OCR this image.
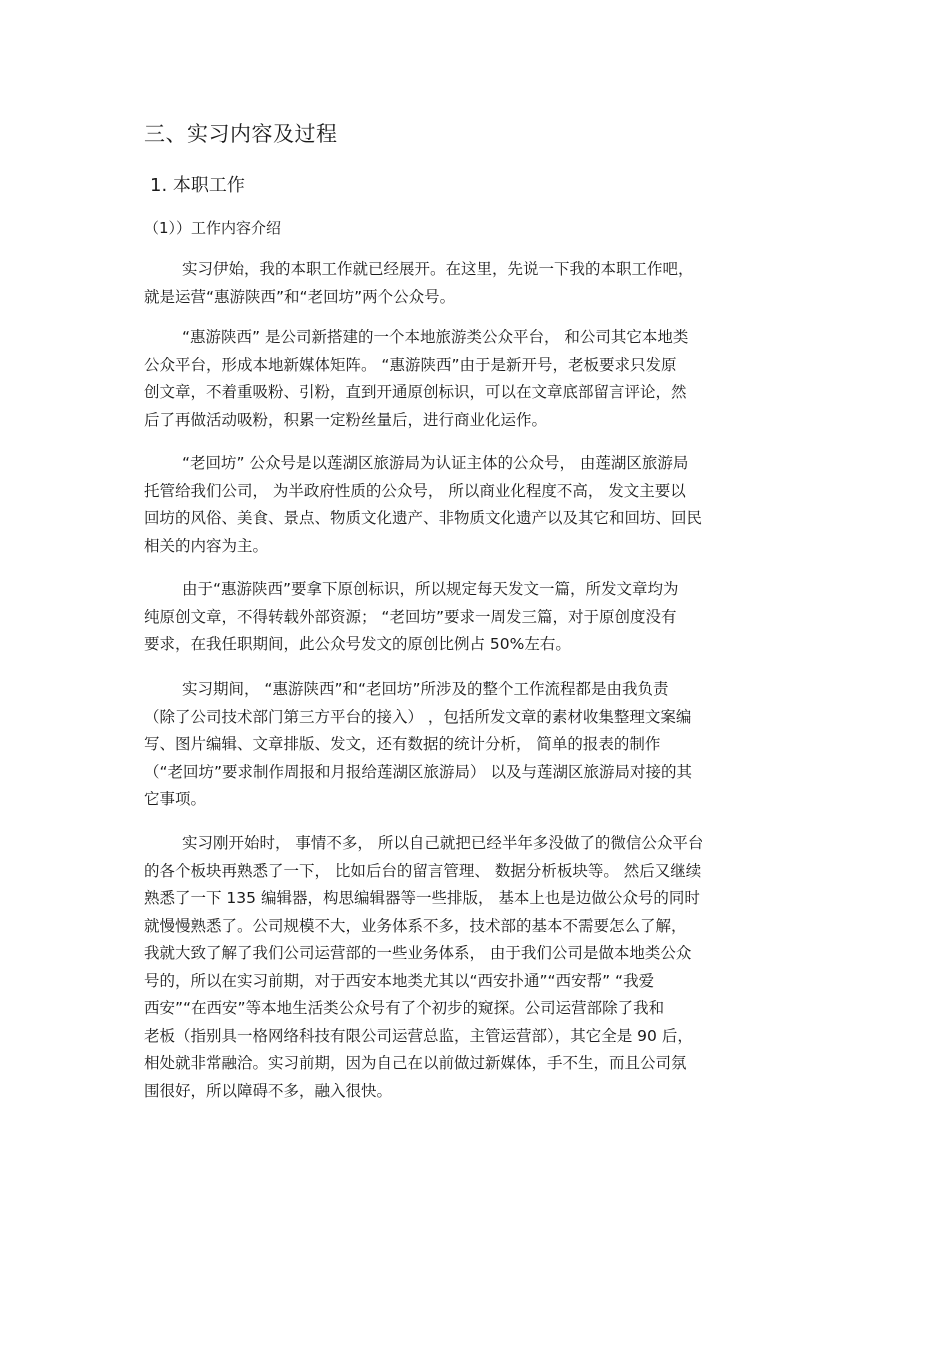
三、实习内容及过程
1. 本职工作
（1））工作内容介绍
实习伊始，我的本职工作就已经展开。在这里，先说一下我的本职工作吧，
就是运营“惠游陕西”和“老回坊”两个公众号。
“惠游陕西” 是公司新搭建的一个本地旅游类公众平台， 和公司其它本地类
公众平台，形成本地新媒体矩阵。 “惠游陕西”由于是新开号，老板要求只发原
创文章，不着重吸粉、引粉，直到开通原创标识，可以在文章底部留言评论，然
后了再做活动吸粉，积累一定粉丝量后，进行商业化运作。
“老回坊” 公众号是以莲湖区旅游局为认证主体的公众号， 由莲湖区旅游局
托管给我们公司， 为半政府性质的公众号， 所以商业化程度不高， 发文主要以
回坊的风俗、美食、景点、物质文化遗产、非物质文化遗产以及其它和回坊、回民
相关的内容为主。
由于“惠游陕西”要拿下原创标识，所以规定每天发文一篇，所发文章均为
纯原创文章，不得转载外部资源； “老回坊”要求一周发三篇，对于原创度没有
要求，在我任职期间，此公众号发文的原创比例占 50%左右。
实习期间， “惠游陕西”和“老回坊”所涉及的整个工作流程都是由我负责
（除了公司技术部门第三方平台的接入） ，包括所发文章的素材收集整理文案编
写、图片编辑、文章排版、发文，还有数据的统计分析， 简单的报表的制作
（“老回坊”要求制作周报和月报给莲湖区旅游局） 以及与莲湖区旅游局对接的其
它事项。
实习刚开始时， 事情不多， 所以自己就把已经半年多没做了的微信公众平台
的各个板块再熟悉了一下， 比如后台的留言管理、 数据分析板块等。 然后又继续
熟悉了一下 135 编辑器，构思编辑器等一些排版， 基本上也是边做公众号的同时
就慢慢熟悉了。公司规模不大，业务体系不多，技术部的基本不需要怎么了解，
我就大致了解了我们公司运营部的一些业务体系， 由于我们公司是做本地类公众
号的，所以在实习前期，对于西安本地类尤其以“西安扑通”“西安帮” “我爱
西安”“在西安”等本地生活类公众号有了个初步的窥探。公司运营部除了我和
老板（指别具一格网络科技有限公司运营总监，主管运营部），其它全是 90 后，
相处就非常融洽。实习前期，因为自己在以前做过新媒体，手不生，而且公司氛
围很好，所以障碍不多，融入很快。
